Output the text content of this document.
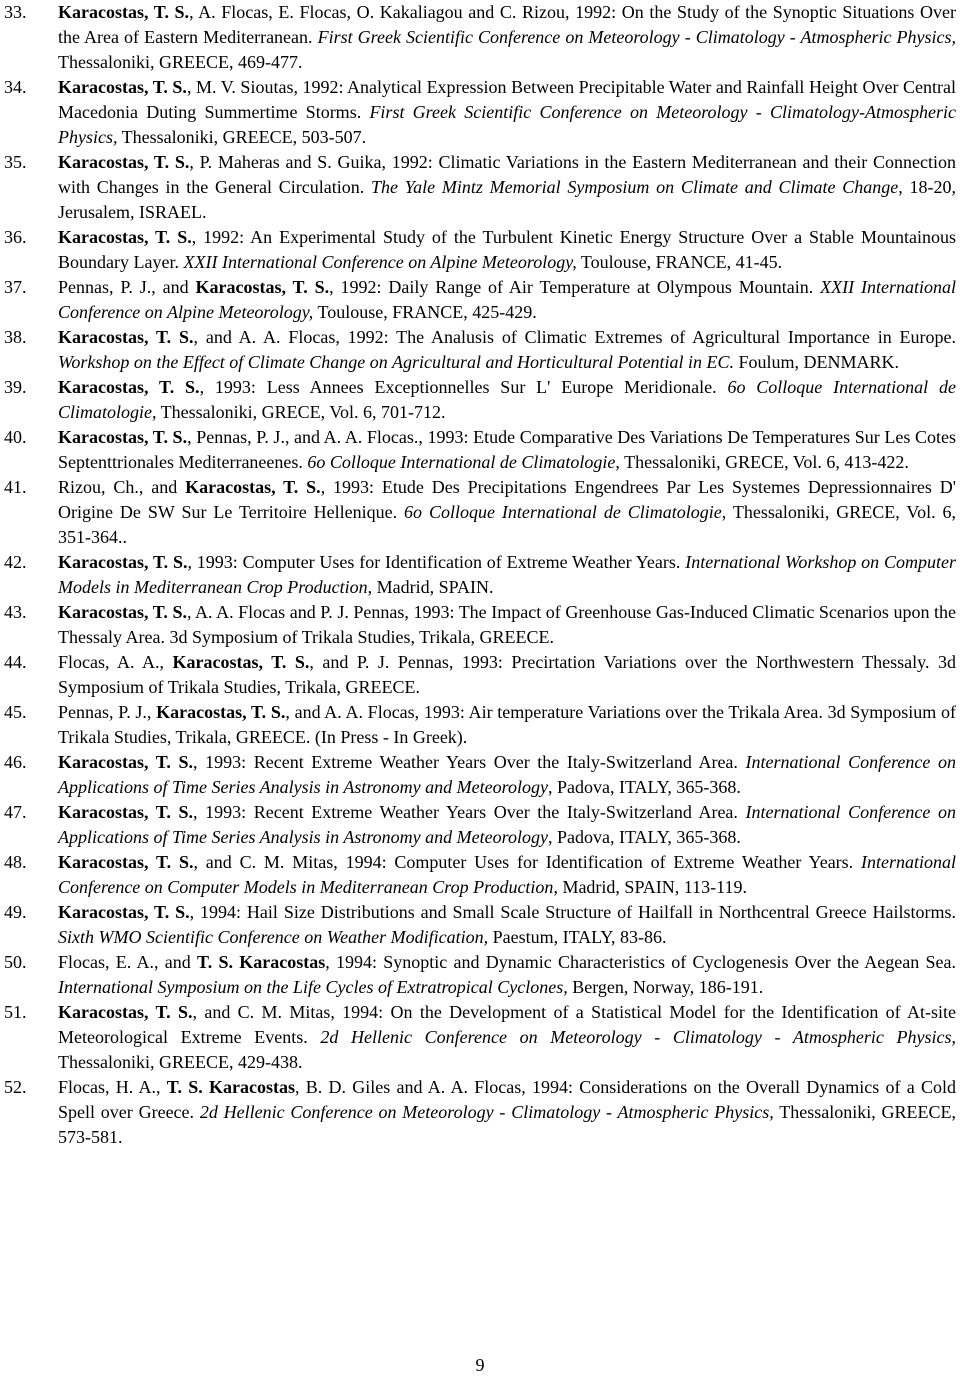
33.	Karacostas, T. S., A. Flocas, E. Flocas, O. Kakaliagou and C. Rizou, 1992: On the Study of the Synoptic Situations Over the Area of Eastern Mediterranean. First Greek Scientific Conference on Meteorology - Climatology - Atmospheric Physics, Thessaloniki, GREECE, 469-477.
34.	Karacostas, T. S., M. V. Sioutas, 1992: Analytical Expression Between Precipitable Water and Rainfall Height Over Central Macedonia Duting Summertime Storms. First Greek Scientific Conference on Meteorology - Climatology-Atmospheric Physics, Thessaloniki, GREECE, 503-507.
35.	Karacostas, T. S., P. Maheras and S. Guika, 1992: Climatic Variations in the Eastern Mediterranean and their Connection with Changes in the General Circulation. The Yale Mintz Memorial Symposium on Climate and Climate Change, 18-20, Jerusalem, ISRAEL.
36.	Karacostas, T. S., 1992: An Experimental Study of the Turbulent Kinetic Energy Structure Over a Stable Mountainous Boundary Layer. XXII International Conference on Alpine Meteorology, Toulouse, FRANCE, 41-45.
37.	Pennas, P. J., and Karacostas, T. S., 1992: Daily Range of Air Temperature at Olympous Mountain. XXII International Conference on Alpine Meteorology, Toulouse, FRANCE, 425-429.
38.	Karacostas, T. S., and A. A. Flocas, 1992: The Analusis of Climatic Extremes of Agricultural Importance in Europe. Workshop on the Effect of Climate Change on Agricultural and Horticultural Potential in EC. Foulum, DENMARK.
39.	Karacostas, T. S., 1993: Less Annees Exceptionnelles Sur L' Europe Meridionale. 6o Colloque International de Climatologie, Thessaloniki, GRECE, Vol. 6, 701-712.
40.	Karacostas, T. S., Pennas, P. J., and A. A. Flocas., 1993: Etude Comparative Des Variations De Temperatures Sur Les Cotes Septenttrionales Mediterraneenes. 6o Colloque International de Climatologie, Thessaloniki, GRECE, Vol. 6, 413-422.
41.	Rizou, Ch., and Karacostas, T. S., 1993: Etude Des Precipitations Engendrees Par Les Systemes Depressionnaires D' Origine De SW Sur Le Territoire Hellenique. 6o Colloque International de Climatologie, Thessaloniki, GRECE, Vol. 6, 351-364..
42.	Karacostas, T. S., 1993: Computer Uses for Identification of Extreme Weather Years. International Workshop on Computer Models in Mediterranean Crop Production, Madrid, SPAIN.
43.	Karacostas, T. S., A. A. Flocas and P. J. Pennas, 1993: The Impact of Greenhouse Gas-Induced Climatic Scenarios upon the Thessaly Area. 3d Symposium of Trikala Studies, Trikala, GREECE.
44.	Flocas, A. A., Karacostas, T. S., and P. J. Pennas, 1993: Precirtation Variations over the Northwestern Thessaly. 3d Symposium of Trikala Studies, Trikala, GREECE.
45.	Pennas, P. J., Karacostas, T. S., and A. A. Flocas, 1993: Air temperature Variations over the Trikala Area. 3d Symposium of Trikala Studies, Trikala, GREECE. (In Press - In Greek).
46.	Karacostas, T. S., 1993: Recent Extreme Weather Years Over the Italy-Switzerland Area. International Conference on Applications of Time Series Analysis in Astronomy and Meteorology, Padova, ITALY, 365-368.
47.	Karacostas, T. S., 1993: Recent Extreme Weather Years Over the Italy-Switzerland Area. International Conference on Applications of Time Series Analysis in Astronomy and Meteorology, Padova, ITALY, 365-368.
48.	Karacostas, T. S., and C. M. Mitas, 1994: Computer Uses for Identification of Extreme Weather Years. International Conference on Computer Models in Mediterranean Crop Production, Madrid, SPAIN, 113-119.
49.	Karacostas, T. S., 1994: Hail Size Distributions and Small Scale Structure of Hailfall in Northcentral Greece Hailstorms. Sixth WMO Scientific Conference on Weather Modification, Paestum, ITALY, 83-86.
50.	Flocas, E. A., and T. S. Karacostas, 1994: Synoptic and Dynamic Characteristics of Cyclogenesis Over the Aegean Sea. International Symposium on the Life Cycles of Extratropical Cyclones, Bergen, Norway, 186-191.
51.	Karacostas, T. S., and C. M. Mitas, 1994: On the Development of a Statistical Model for the Identification of At-site Meteorological Extreme Events. 2d Hellenic Conference on Meteorology - Climatology - Atmospheric Physics, Thessaloniki, GREECE, 429-438.
52.	Flocas, H. A., T. S. Karacostas, B. D. Giles and A. A. Flocas, 1994: Considerations on the Overall Dynamics of a Cold Spell over Greece. 2d Hellenic Conference on Meteorology - Climatology - Atmospheric Physics, Thessaloniki, GREECE, 573-581.
9
